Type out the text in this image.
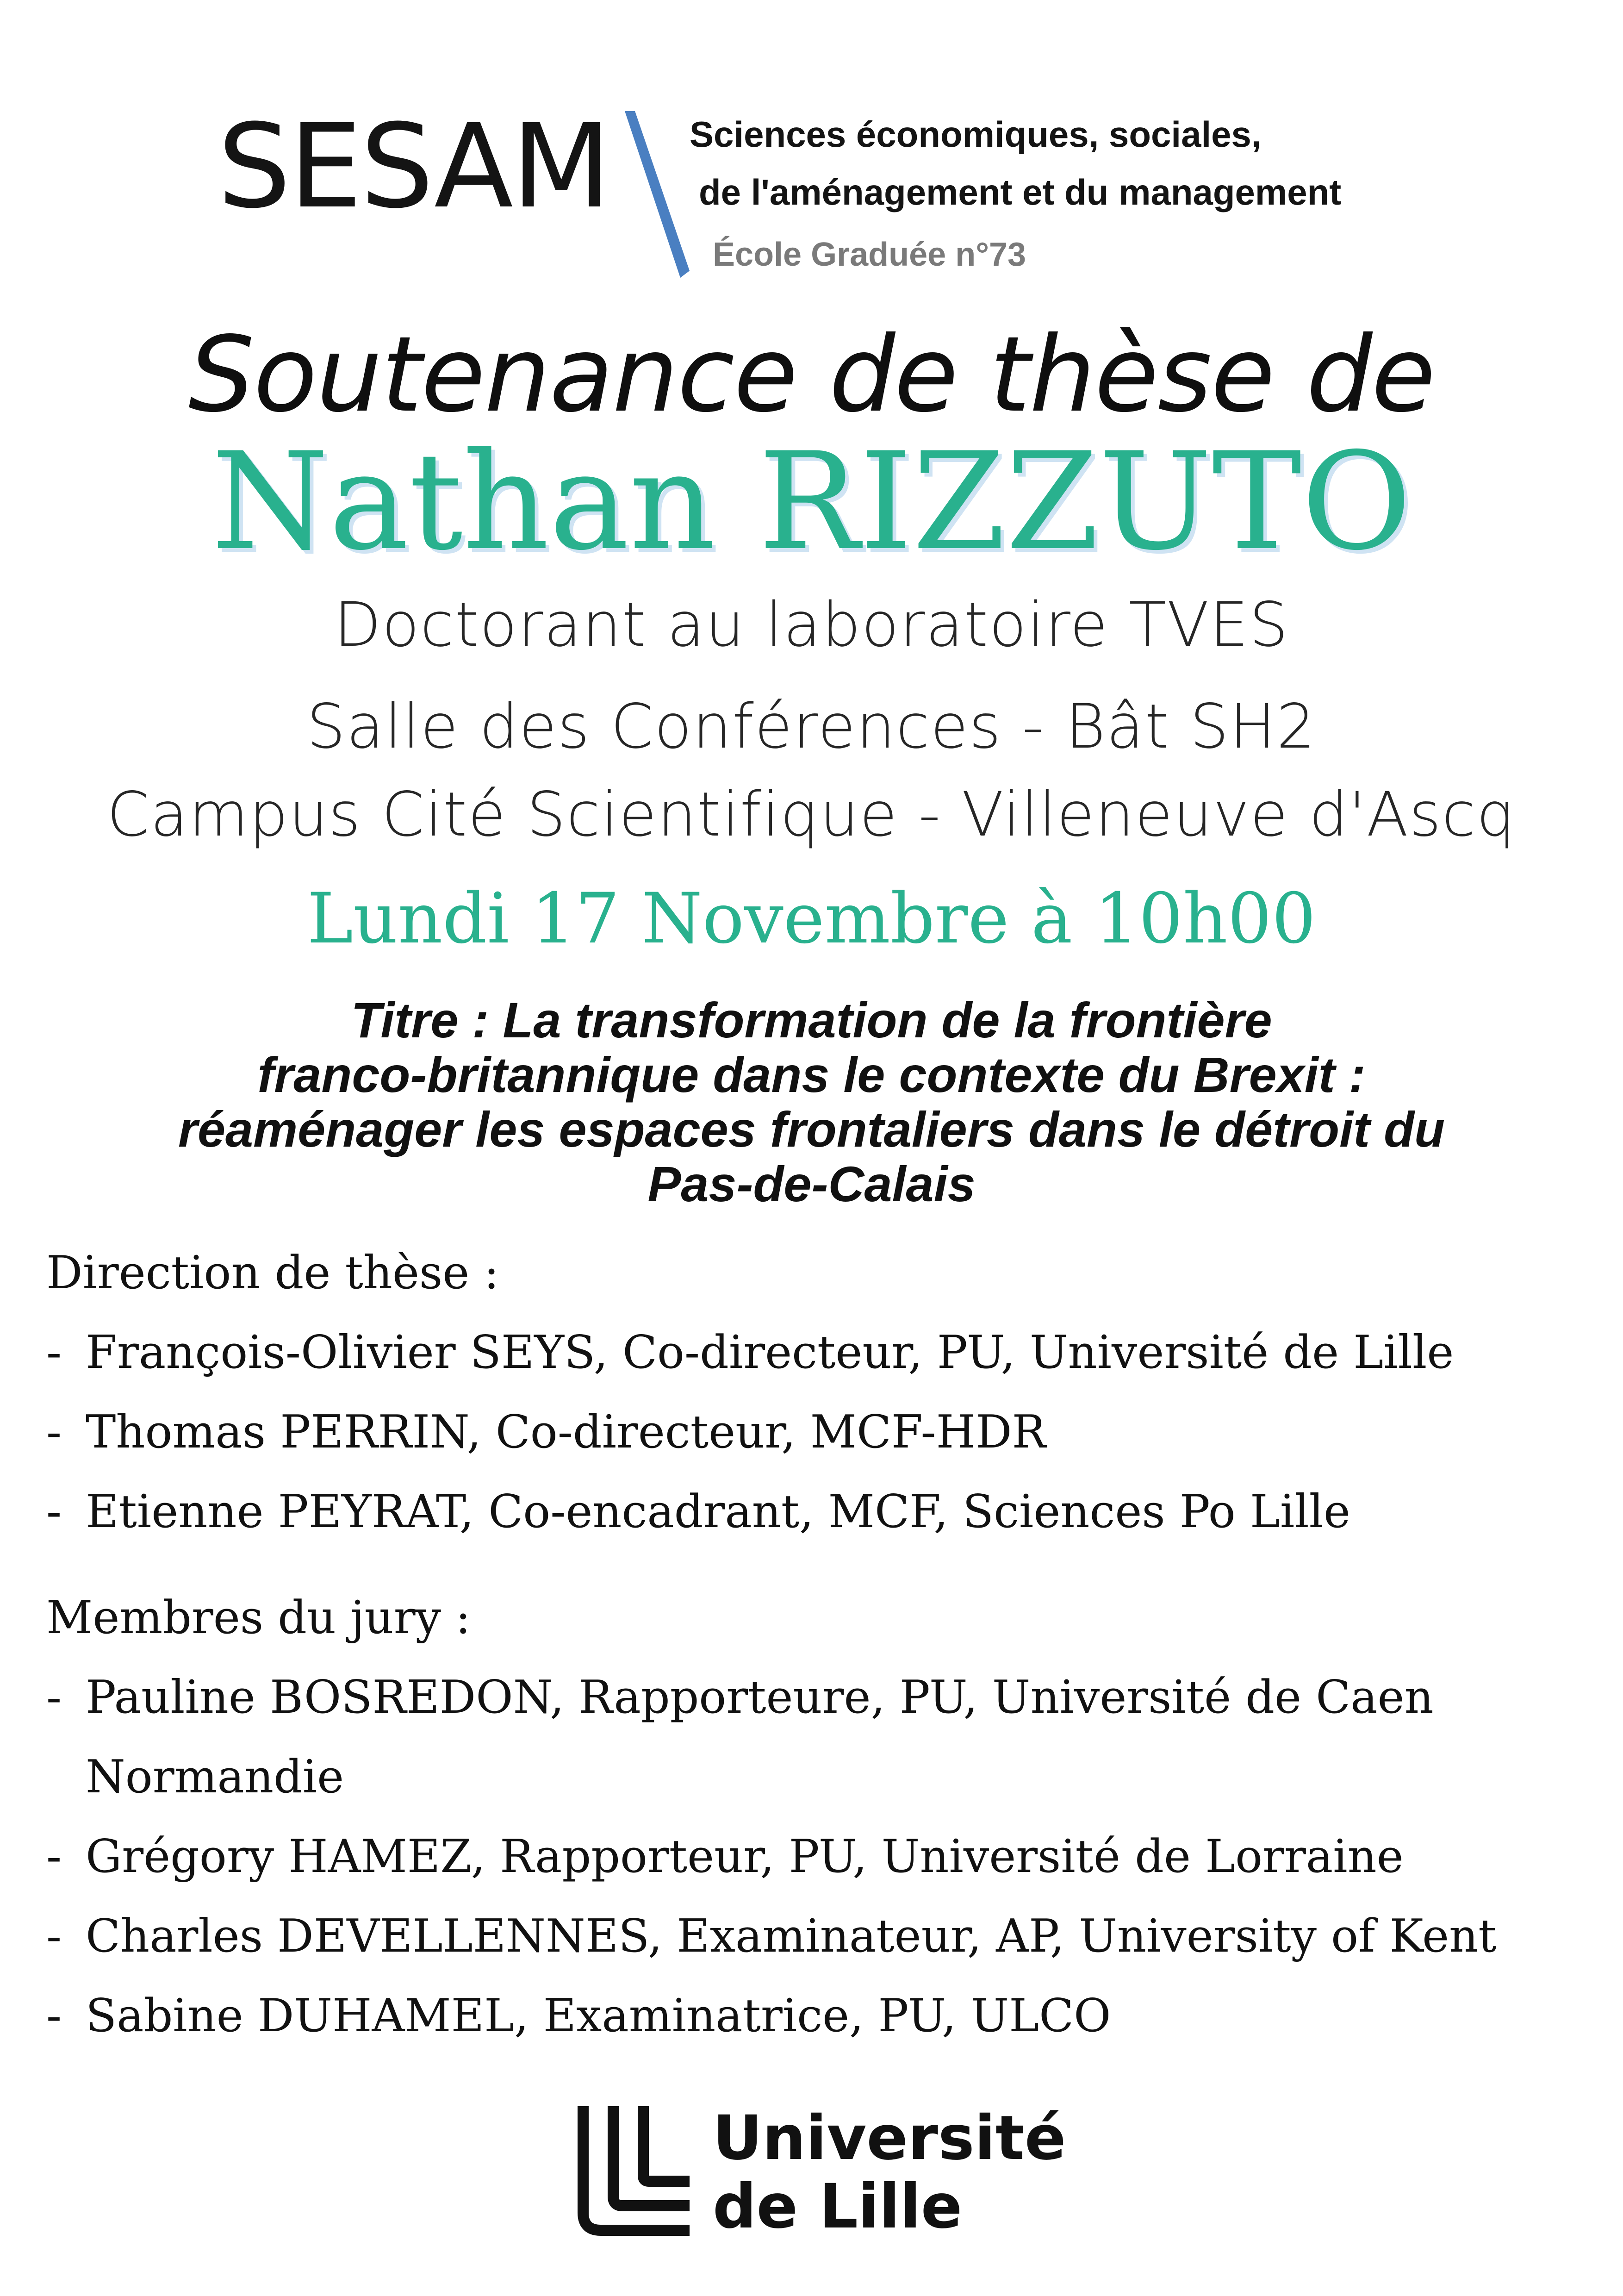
SESAM Sciences économiques, sociales,
de l'aménagement et du management
École Graduée n°73
Soutenance de thèse de
Nathan RIZZUTO
Doctorant au laboratoire TVES
Salle des Conférences - Bât SH2
Campus Cité Scientifique - Villeneuve d'Ascq
Lundi 17 Novembre à 10h00
Titre : La transformation de la frontière
franco-britannique dans le contexte du Brexit :
réaménager les espaces frontaliers dans le détroit du
Pas-de-Calais
Direction de thèse :
- François-Olivier SEYS, Co-directeur, PU, Université de Lille
- Thomas PERRIN, Co-directeur, MCF-HDR
- Etienne PEYRAT, Co-encadrant, MCF, Sciences Po Lille
Membres du jury :
- Pauline BOSREDON, Rapporteure, PU, Université de Caen
Normandie
- Grégory HAMEZ, Rapporteur, PU, Université de Lorraine
- Charles DEVELLENNES, Examinateur, AP, University of Kent
- Sabine DUHAMEL, Examinatrice, PU, ULCO
Université
de Lille
